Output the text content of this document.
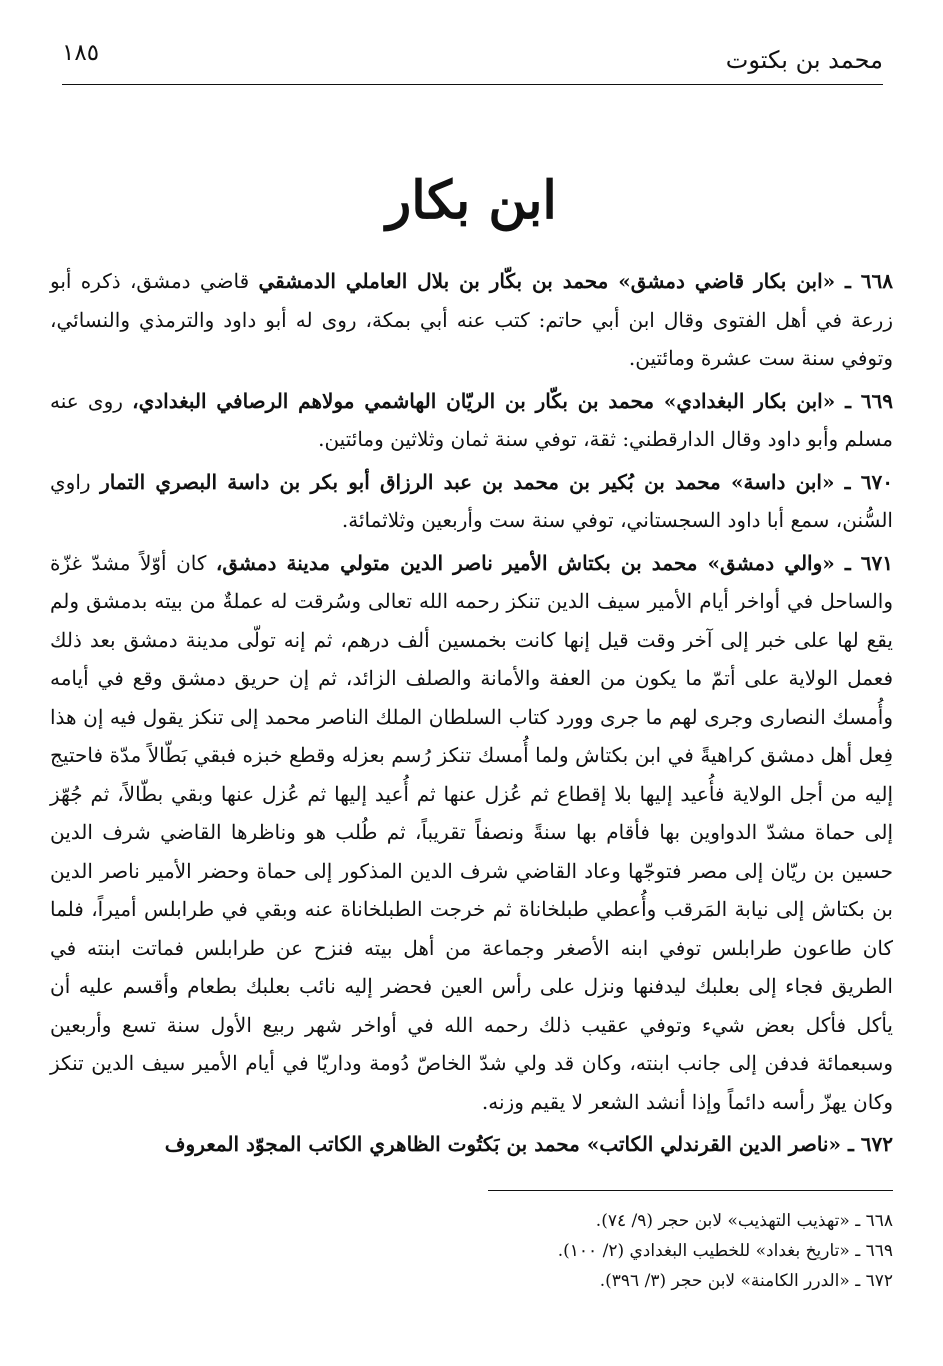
١٨٥	محمد بن بكتوت
ابن بكار

٦٦٨ ـ «ابن بكار قاضي دمشق» محمد بن بكّار بن بلال العاملي الدمشقي قاضي دمشق، ذكره أبو زرعة في أهل الفتوى وقال ابن أبي حاتم: كتب عنه أبي بمكة، روى له أبو داود والترمذي والنسائي، وتوفي سنة ست عشرة ومائتين.

٦٦٩ ـ «ابن بكار البغدادي» محمد بن بكّار بن الريّان الهاشمي مولاهم الرصافي البغدادي، روى عنه مسلم وأبو داود وقال الدارقطني: ثقة، توفي سنة ثمان وثلاثين ومائتين.

٦٧٠ ـ «ابن داسة» محمد بن بُكير بن محمد بن عبد الرزاق أبو بكر بن داسة البصري التمار راوي السُّنن، سمع أبا داود السجستاني، توفي سنة ست وأربعين وثلاثمائة.

٦٧١ ـ «والي دمشق» محمد بن بكتاش الأمير ناصر الدين متولي مدينة دمشق، كان أوّلاً مشدّ غزّة والساحل في أواخر أيام الأمير سيف الدين تنكز رحمه الله تعالى وسُرقت له عملةٌ من بيته بدمشق ولم يقع لها على خبر إلى آخر وقت قيل إنها كانت بخمسين ألف درهم، ثم إنه تولّى مدينة دمشق بعد ذلك فعمل الولاية على أتمّ ما يكون من العفة والأمانة والصلف الزائد، ثم إن حريق دمشق وقع في أيامه وأُمسك النصارى وجرى لهم ما جرى وورد كتاب السلطان الملك الناصر محمد إلى تنكز يقول فيه إن هذا فِعل أهل دمشق كراهيةً في ابن بكتاش ولما أُمسك تنكز رُسم بعزله وقطع خبزه فبقي بَطّالاً مدّة فاحتيج إليه من أجل الولاية فأُعيد إليها بلا إقطاع ثم عُزل عنها ثم أُعيد إليها ثم عُزل عنها وبقي بطّالاً، ثم جُهّز إلى حماة مشدّ الدواوين بها فأقام بها سنةً ونصفاً تقريباً، ثم طُلب هو وناظرها القاضي شرف الدين حسين بن ريّان إلى مصر فتوجّها وعاد القاضي شرف الدين المذكور إلى حماة وحضر الأمير ناصر الدين بن بكتاش إلى نيابة المَرقب وأُعطي طبلخاناة ثم خرجت الطبلخاناة عنه وبقي في طرابلس أميراً، فلما كان طاعون طرابلس توفي ابنه الأصغر وجماعة من أهل بيته فنزح عن طرابلس فماتت ابنته في الطريق فجاء إلى بعلبك ليدفنها ونزل على رأس العين فحضر إليه نائب بعلبك بطعام وأقسم عليه أن يأكل فأكل بعض شيء وتوفي عقيب ذلك رحمه الله في أواخر شهر ربيع الأول سنة تسع وأربعين وسبعمائة فدفن إلى جانب ابنته، وكان قد ولي شدّ الخاصّ دُومة وداريّا في أيام الأمير سيف الدين تنكز وكان يهزّ رأسه دائماً وإذا أنشد الشعر لا يقيم وزنه.

٦٧٢ ـ «ناصر الدين القرندلي الكاتب» محمد بن بَكتُوت الظاهري الكاتب المجوّد المعروف

٦٦٨ ـ «تهذيب التهذيب» لابن حجر (٩/ ٧٤).
٦٦٩ ـ «تاريخ بغداد» للخطيب البغدادي (٢/ ١٠٠).
٦٧٢ ـ «الدرر الكامنة» لابن حجر (٣/ ٣٩٦).
